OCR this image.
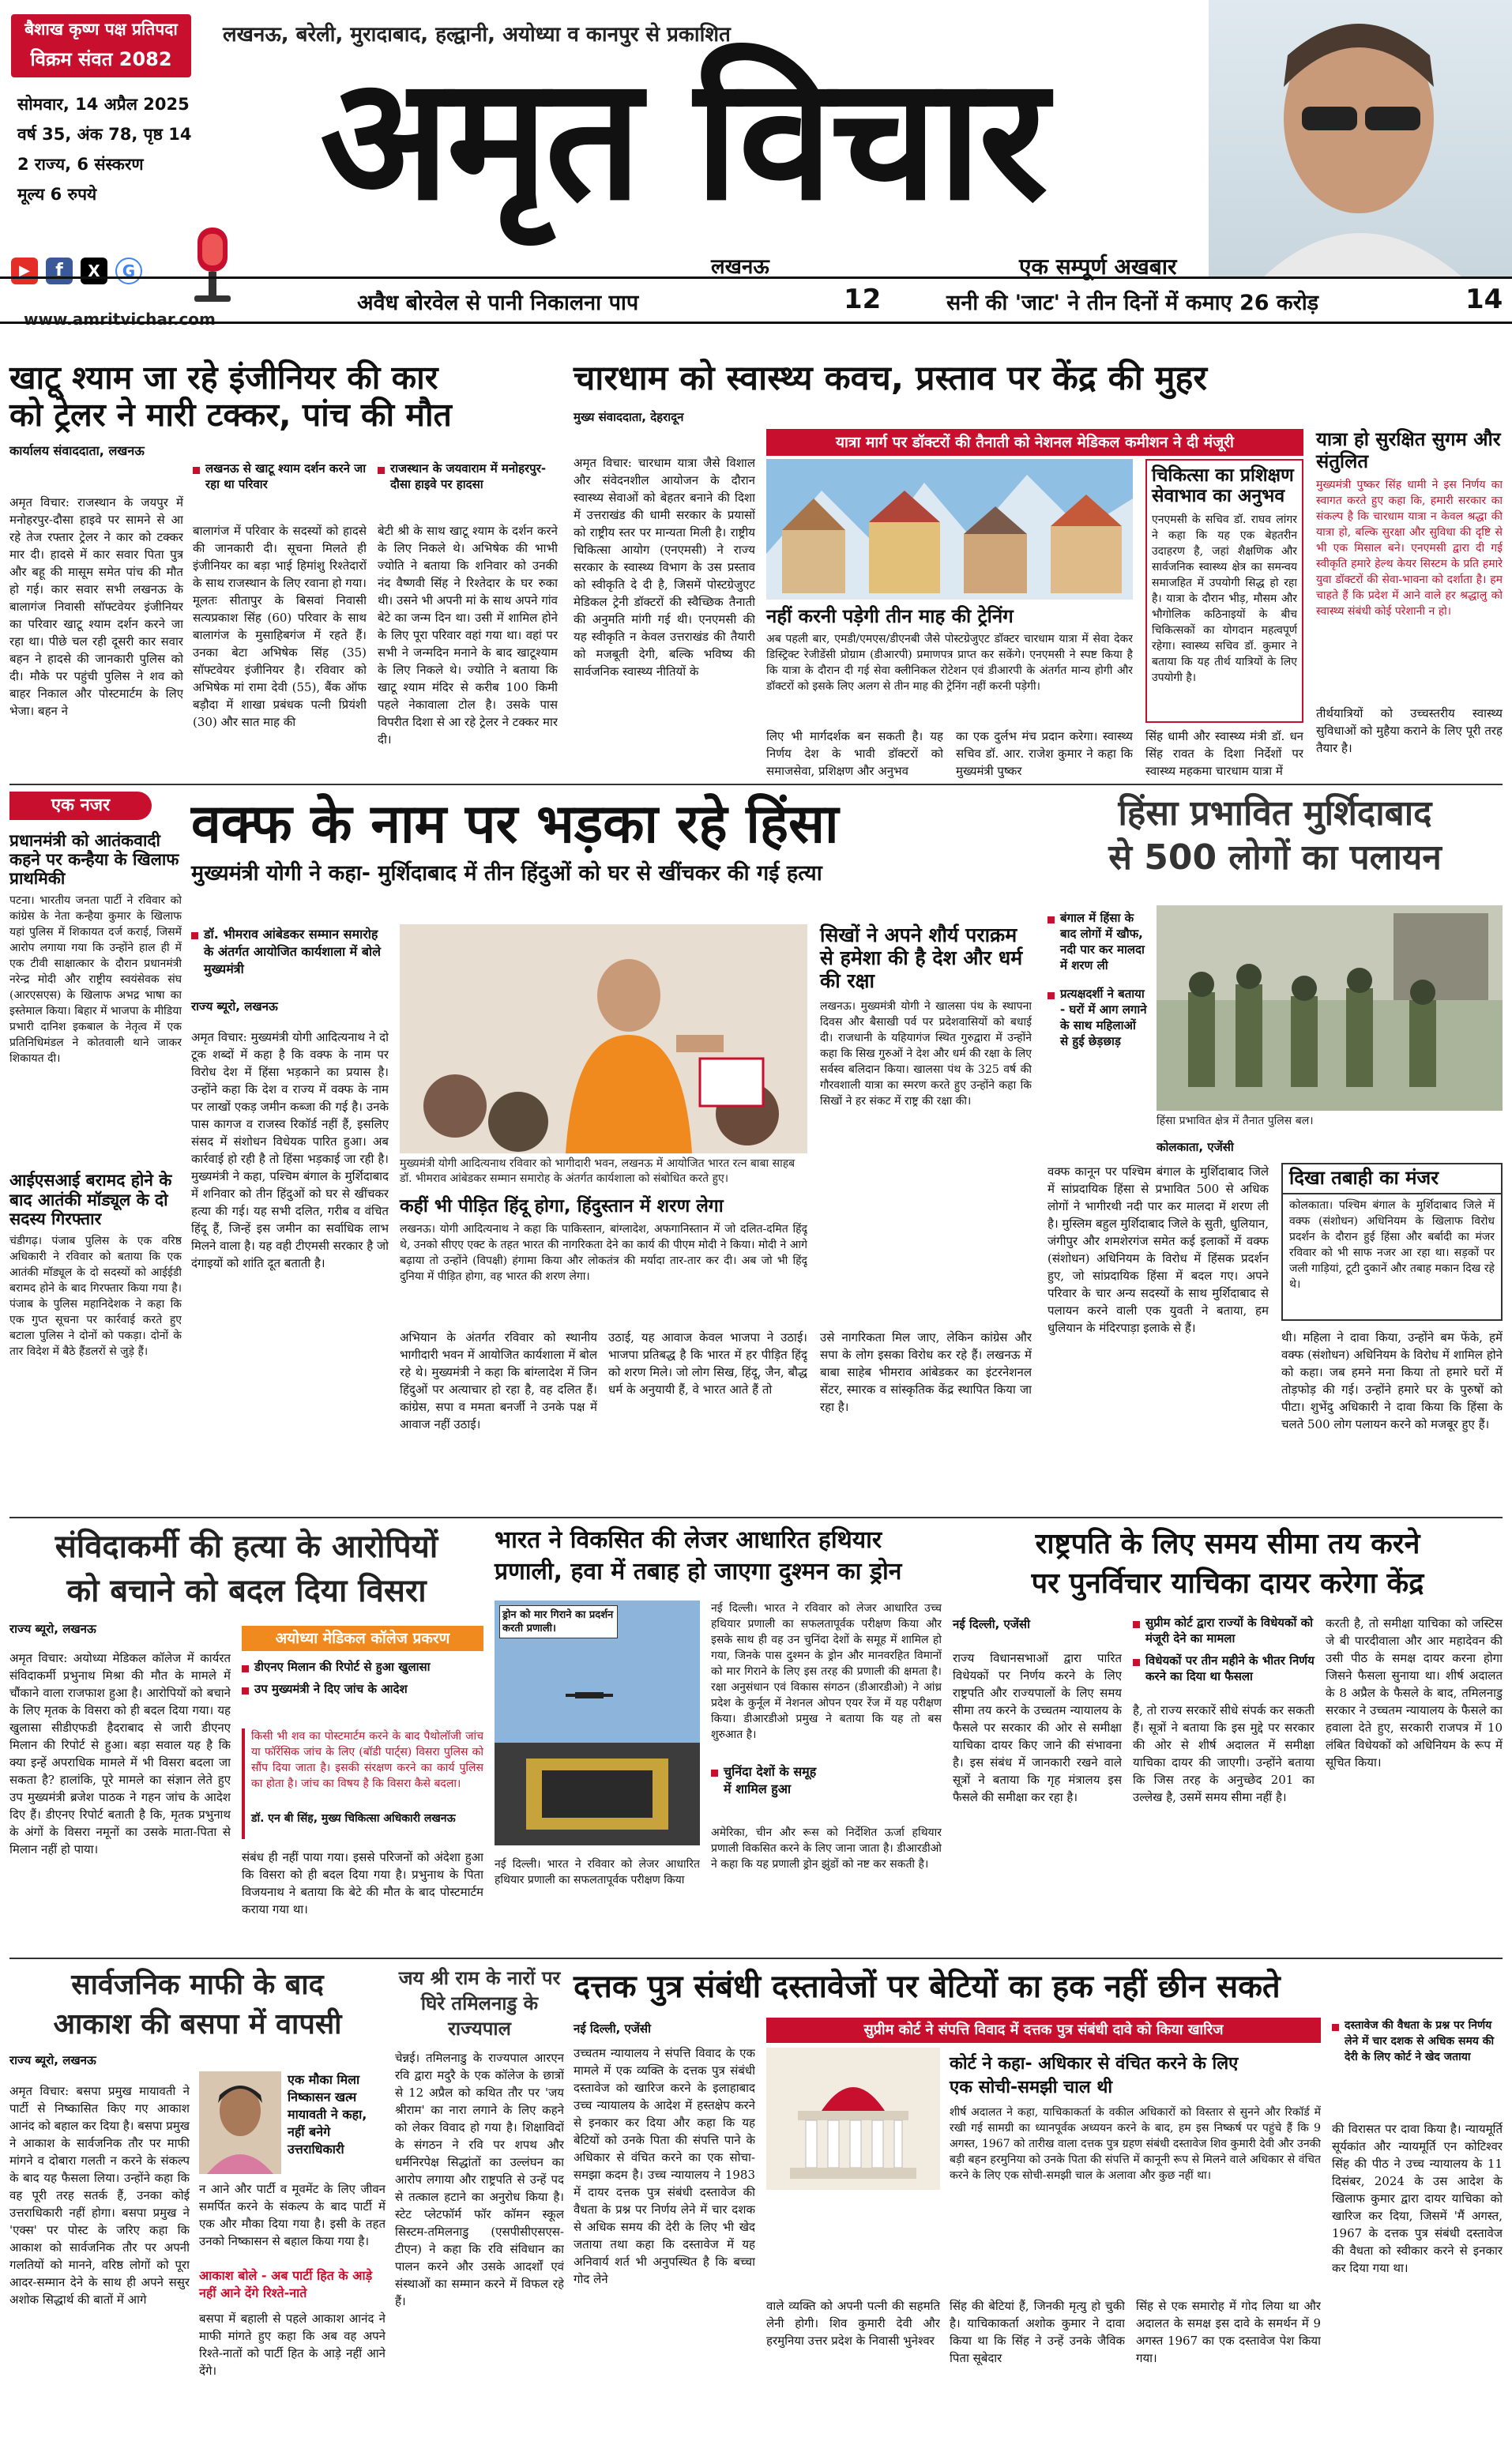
बैशाख कृष्ण पक्ष प्रतिपदा
विक्रम संवत 2082
लखनऊ, बरेली, मुरादाबाद, हल्द्वानी, अयोध्या व कानपुर से प्रकाशित
सोमवार, 14 अप्रैल 2025
वर्ष 35, अंक 78, पृष्ठ 14
2 राज्य, 6 संस्करण
मूल्य 6 रुपये
▶	f	X	G
www.amritvichar.com
अमृत विचार
लखनऊ	एक सम्पूर्ण अखबार
अवैध बोरवेल से पानी निकालना पाप	12	सनी की 'जाट' ने तीन दिनों में कमाए 26 करोड़	14
खाटू श्याम जा रहे इंजीनियर की कार
को ट्रेलर ने मारी टक्कर, पांच की मौत
कार्यालय संवाददाता, लखनऊ
अमृत विचार: राजस्थान के जयपुर में मनोहरपुर-दौसा हाइवे पर सामने से आ रहे तेज रफ्तार ट्रेलर ने कार को टक्कर मार दी। हादसे में कार सवार पिता पुत्र और बहू की मासूम समेत पांच की मौत हो गई। कार सवार सभी लखनऊ के बालागंज निवासी सॉफ्टवेयर इंजीनियर का परिवार खाटू श्याम दर्शन करने जा रहा था। पीछे चल रही दूसरी कार सवार बहन ने हादसे की जानकारी पुलिस को दी। मौके पर पहुंची पुलिस ने शव को बाहर निकाल और पोस्टमार्टम के लिए भेजा। बहन ने
लखनऊ से खाटू श्याम दर्शन करने जा रहा था परिवार
राजस्थान के जयवाराम में मनोहरपुर-दौसा हाइवे पर हादसा
बालागंज में परिवार के सदस्यों को हादसे की जानकारी दी। सूचना मिलते ही इंजीनियर का बड़ा भाई हिमांशु रिश्तेदारों के साथ राजस्थान के लिए रवाना हो गया। मूलतः सीतापुर के बिसवां निवासी सत्यप्रकाश सिंह (60) परिवार के साथ बालागंज के मुसाहिबगंज में रहते हैं। उनका बेटा अभिषेक सिंह (35) सॉफ्टवेयर इंजीनियर है। रविवार को अभिषेक मां रामा देवी (55), बैंक ऑफ बड़ौदा में शाखा प्रबंधक पत्नी प्रियंशी (30) और सात माह की
बेटी श्री के साथ खाटू श्याम के दर्शन करने के लिए निकले थे। अभिषेक की भाभी ज्योति ने बताया कि शनिवार को उनकी नंद वैष्णवी सिंह ने रिश्तेदार के घर रुका थी। उसने भी अपनी मां के साथ अपने गांव बेटे का जन्म दिन था। उसी में शामिल होने के लिए पूरा परिवार वहां गया था। वहां पर सभी ने जन्मदिन मनाने के बाद खाटूश्याम के लिए निकले थे। ज्योति ने बताया कि खाटू श्याम मंदिर से करीब 100 किमी पहले नेकावाला टोल है। उसके पास विपरीत दिशा से आ रहे ट्रेलर ने टक्कर मार दी।
चारधाम को स्वास्थ्य कवच, प्रस्ताव पर केंद्र की मुहर
मुख्य संवाददाता, देहरादून
अमृत विचार: चारधाम यात्रा जैसे विशाल और संवेदनशील आयोजन के दौरान स्वास्थ्य सेवाओं को बेहतर बनाने की दिशा में उत्तराखंड की धामी सरकार के प्रयासों को राष्ट्रीय स्तर पर मान्यता मिली है। राष्ट्रीय चिकित्सा आयोग (एनएमसी) ने राज्य सरकार के स्वास्थ्य विभाग के उस प्रस्ताव को स्वीकृति दे दी है, जिसमें पोस्टग्रेजुएट मेडिकल ट्रेनी डॉक्टरों की स्वैच्छिक तैनाती की अनुमति मांगी गई थी। एनएमसी की यह स्वीकृति न केवल उत्तराखंड की तैयारी को मजबूती देगी, बल्कि भविष्य की सार्वजनिक स्वास्थ्य नीतियों के
यात्रा मार्ग पर डॉक्टरों की तैनाती को नेशनल मेडिकल कमीशन ने दी मंजूरी
नहीं करनी पड़ेगी तीन माह की ट्रेनिंग
अब पहली बार, एमडी/एमएस/डीएनबी जैसे पोस्टग्रेजुएट डॉक्टर चारधाम यात्रा में सेवा देकर डिस्ट्रिक्ट रेजीडेंसी प्रोग्राम (डीआरपी) प्रमाणपत्र प्राप्त कर सकेंगे। एनएमसी ने स्पष्ट किया है कि यात्रा के दौरान दी गई सेवा क्लीनिकल रोटेशन एवं डीआरपी के अंतर्गत मान्य होगी और डॉक्टरों को इसके लिए अलग से तीन माह की ट्रेनिंग नहीं करनी पड़ेगी।
लिए भी मार्गदर्शक बन सकती है। यह निर्णय देश के भावी डॉक्टरों को समाजसेवा, प्रशिक्षण और अनुभव
का एक दुर्लभ मंच प्रदान करेगा। स्वास्थ्य सचिव डॉ. आर. राजेश कुमार ने कहा कि मुख्यमंत्री पुष्कर
चिकित्सा का प्रशिक्षण सेवाभाव का अनुभव
एनएमसी के सचिव डॉ. राघव लांगर ने कहा कि यह एक बेहतरीन उदाहरण है, जहां शैक्षणिक और सार्वजनिक स्वास्थ्य क्षेत्र का समन्वय समाजहित में उपयोगी सिद्ध हो रहा है। यात्रा के दौरान भीड़, मौसम और भौगोलिक कठिनाइयों के बीच चिकित्सकों का योगदान महत्वपूर्ण रहेगा। स्वास्थ्य सचिव डॉ. कुमार ने बताया कि यह तीर्थ यात्रियों के लिए उपयोगी है।
सिंह धामी और स्वास्थ्य मंत्री डॉ. धन सिंह रावत के दिशा निर्देशों पर स्वास्थ्य महकमा चारधाम यात्रा में
यात्रा हो सुरक्षित सुगम और संतुलित
मुख्यमंत्री पुष्कर सिंह धामी ने इस निर्णय का स्वागत करते हुए कहा कि, हमारी सरकार का संकल्प है कि चारधाम यात्रा न केवल श्रद्धा की यात्रा हो, बल्कि सुरक्षा और सुविधा की दृष्टि से भी एक मिसाल बने। एनएमसी द्वारा दी गई स्वीकृति हमारे हेल्थ केयर सिस्टम के प्रति हमारे युवा डॉक्टरों की सेवा-भावना को दर्शाता है। हम चाहते हैं कि प्रदेश में आने वाले हर श्रद्धालु को स्वास्थ्य संबंधी कोई परेशानी न हो।
तीर्थयात्रियों को उच्चस्तरीय स्वास्थ्य सुविधाओं को मुहैया कराने के लिए पूरी तरह तैयार है।
एक नजर
प्रधानमंत्री को आतंकवादी कहने पर कन्हैया के खिलाफ प्राथमिकी
पटना। भारतीय जनता पार्टी ने रविवार को कांग्रेस के नेता कन्हैया कुमार के खिलाफ यहां पुलिस में शिकायत दर्ज कराई, जिसमें आरोप लगाया गया कि उन्होंने हाल ही में एक टीवी साक्षात्कार के दौरान प्रधानमंत्री नरेन्द्र मोदी और राष्ट्रीय स्वयंसेवक संघ (आरएसएस) के खिलाफ अभद्र भाषा का इस्तेमाल किया। बिहार में भाजपा के मीडिया प्रभारी दानिश इकबाल के नेतृत्व में एक प्रतिनिधिमंडल ने कोतवाली थाने जाकर शिकायत दी।
आईएसआई बरामद होने के बाद आतंकी मॉड्यूल के दो सदस्य गिरफ्तार
चंडीगढ़। पंजाब पुलिस के एक वरिष्ठ अधिकारी ने रविवार को बताया कि एक आतंकी मॉड्यूल के दो सदस्यों को आईईडी बरामद होने के बाद गिरफ्तार किया गया है। पंजाब के पुलिस महानिदेशक ने कहा कि एक गुप्त सूचना पर कार्रवाई करते हुए बटाला पुलिस ने दोनों को पकड़ा। दोनों के तार विदेश में बैठे हैंडलरों से जुड़े हैं।
वक्फ के नाम पर भड़का रहे हिंसा
मुख्यमंत्री योगी ने कहा- मुर्शिदाबाद में तीन हिंदुओं को घर से खींचकर की गई हत्या
डॉ. भीमराव आंबेडकर सम्मान समारोह के अंतर्गत आयोजित कार्यशाला में बोले मुख्यमंत्री
राज्य ब्यूरो, लखनऊ
अमृत विचार: मुख्यमंत्री योगी आदित्यनाथ ने दो टूक शब्दों में कहा है कि वक्फ के नाम पर विरोध देश में हिंसा भड़काने का प्रयास है। उन्होंने कहा कि देश व राज्य में वक्फ के नाम पर लाखों एकड़ जमीन कब्जा की गई है। उनके पास कागज व राजस्व रिकॉर्ड नहीं हैं, इसलिए संसद में संशोधन विधेयक पारित हुआ। अब कार्रवाई हो रही है तो हिंसा भड़काई जा रही है। मुख्यमंत्री ने कहा, पश्चिम बंगाल के मुर्शिदाबाद में शनिवार को तीन हिंदुओं को घर से खींचकर हत्या की गई। यह सभी दलित, गरीब व वंचित हिंदू हैं, जिन्हें इस जमीन का सर्वाधिक लाभ मिलने वाला है। यह वही टीएमसी सरकार है जो दंगाइयों को शांति दूत बताती है।
मुख्यमंत्री योगी आदित्यनाथ रविवार को भागीदारी भवन, लखनऊ में आयोजित भारत रत्न बाबा साहब डॉ. भीमराव आंबेडकर सम्मान समारोह के अंतर्गत कार्यशाला को संबोधित करते हुए।
कहीं भी पीड़ित हिंदू होगा, हिंदुस्तान में शरण लेगा
लखनऊ। योगी आदित्यनाथ ने कहा कि पाकिस्तान, बांग्लादेश, अफगानिस्तान में जो दलित-दमित हिंदू थे, उनको सीएए एक्ट के तहत भारत की नागरिकता देने का कार्य की पीएम मोदी ने किया। मोदी ने आगे बढ़ाया तो उन्होंने (विपक्षी) हंगामा किया और लोकतंत्र की मर्यादा तार-तार कर दी। अब जो भी हिंदू दुनिया में पीड़ित होगा, वह भारत की शरण लेगा।
अभियान के अंतर्गत रविवार को स्थानीय भागीदारी भवन में आयोजित कार्यशाला में बोल रहे थे। मुख्यमंत्री ने कहा कि बांग्लादेश में जिन हिंदुओं पर अत्याचार हो रहा है, वह दलित हैं। कांग्रेस, सपा व ममता बनर्जी ने उनके पक्ष में आवाज नहीं उठाई।
उठाई, यह आवाज केवल भाजपा ने उठाई। भाजपा प्रतिबद्ध है कि भारत में हर पीड़ित हिंदू को शरण मिले। जो लोग सिख, हिंदू, जैन, बौद्ध धर्म के अनुयायी हैं, वे भारत आते हैं तो
सिखों ने अपने शौर्य पराक्रम से हमेशा की है देश और धर्म की रक्षा
लखनऊ। मुख्यमंत्री योगी ने खालसा पंथ के स्थापना दिवस और बैसाखी पर्व पर प्रदेशवासियों को बधाई दी। राजधानी के यहियागंज स्थित गुरुद्वारा में उन्होंने कहा कि सिख गुरुओं ने देश और धर्म की रक्षा के लिए सर्वस्व बलिदान किया। खालसा पंथ के 325 वर्ष की गौरवशाली यात्रा का स्मरण करते हुए उन्होंने कहा कि सिखों ने हर संकट में राष्ट्र की रक्षा की।
उसे नागरिकता मिल जाए, लेकिन कांग्रेस और सपा के लोग इसका विरोध कर रहे हैं। लखनऊ में बाबा साहेब भीमराव आंबेडकर का इंटरनेशनल सेंटर, स्मारक व सांस्कृतिक केंद्र स्थापित किया जा रहा है।
हिंसा प्रभावित मुर्शिदाबाद
से 500 लोगों का पलायन
बंगाल में हिंसा के बाद लोगों में खौफ, नदी पार कर मालदा में शरण ली
प्रत्यक्षदर्शी ने बताया - घरों में आग लगाने के साथ महिलाओं से हुई छेड़छाड़
हिंसा प्रभावित क्षेत्र में तैनात पुलिस बल।
कोलकाता, एजेंसी
वक्फ कानून पर पश्चिम बंगाल के मुर्शिदाबाद जिले में सांप्रदायिक हिंसा से प्रभावित 500 से अधिक लोगों ने भागीरथी नदी पार कर मालदा में शरण ली है। मुस्लिम बहुल मुर्शिदाबाद जिले के सुती, धुलियान, जंगीपुर और शमशेरगंज समेत कई इलाकों में वक्फ (संशोधन) अधिनियम के विरोध में हिंसक प्रदर्शन हुए, जो सांप्रदायिक हिंसा में बदल गए। अपने परिवार के चार अन्य सदस्यों के साथ मुर्शिदाबाद से पलायन करने वाली एक युवती ने बताया, हम धुलियान के मंदिरपाड़ा इलाके से हैं।
दिखा तबाही का मंजर
कोलकाता। पश्चिम बंगाल के मुर्शिदाबाद जिले में वक्फ (संशोधन) अधिनियम के खिलाफ विरोध प्रदर्शन के दौरान हुई हिंसा और बर्बादी का मंजर रविवार को भी साफ नजर आ रहा था। सड़कों पर जली गाड़ियां, टूटी दुकानें और तबाह मकान दिख रहे थे।
थी। महिला ने दावा किया, उन्होंने बम फेंके, हमें वक्फ (संशोधन) अधिनियम के विरोध में शामिल होने को कहा। जब हमने मना किया तो हमारे घरों में तोड़फोड़ की गई। उन्होंने हमारे घर के पुरुषों को पीटा। शुभेंदु अधिकारी ने दावा किया कि हिंसा के चलते 500 लोग पलायन करने को मजबूर हुए हैं।
संविदाकर्मी की हत्या के आरोपियों
को बचाने को बदल दिया विसरा
राज्य ब्यूरो, लखनऊ
अमृत विचार: अयोध्या मेडिकल कॉलेज में कार्यरत संविदाकर्मी प्रभुनाथ मिश्रा की मौत के मामले में चौंकाने वाला राजफाश हुआ है। आरोपियों को बचाने के लिए मृतक के विसरा को ही बदल दिया गया। यह खुलासा सीडीएफडी हैदराबाद से जारी डीएनए मिलान की रिपोर्ट से हुआ। बड़ा सवाल यह है कि क्या इन्हें अपराधिक मामले में भी विसरा बदला जा सकता है? हालांकि, पूरे मामले का संज्ञान लेते हुए उप मुख्यमंत्री ब्रजेश पाठक ने गहन जांच के आदेश दिए हैं। डीएनए रिपोर्ट बताती है कि, मृतक प्रभुनाथ के अंगों के विसरा नमूनों का उसके माता-पिता से मिलान नहीं हो पाया।
अयोध्या मेडिकल कॉलेज प्रकरण
डीएनए मिलान की रिपोर्ट से हुआ खुलासा
उप मुख्यमंत्री ने दिए जांच के आदेश
किसी भी शव का पोस्टमार्टम करने के बाद पैथोलॉजी जांच या फॉरेंसिक जांच के लिए (बॉडी पार्ट्स) विसरा पुलिस को सौंप दिया जाता है। इसकी संरक्षण करने का कार्य पुलिस का होता है। जांच का विषय है कि विसरा कैसे बदला।
डॉ. एन बी सिंह, मुख्य चिकित्सा अधिकारी लखनऊ
संबंध ही नहीं पाया गया। इससे परिजनों को अंदेशा हुआ कि विसरा को ही बदल दिया गया है। प्रभुनाथ के पिता विजयनाथ ने बताया कि बेटे की मौत के बाद पोस्टमार्टम कराया गया था।
भारत ने विकसित की लेजर आधारित हथियार
प्रणाली, हवा में तबाह हो जाएगा दुश्मन का ड्रोन
ड्रोन को मार गिराने का प्रदर्शन करती प्रणाली।
नई दिल्ली। भारत ने रविवार को लेजर आधारित उच्च हथियार प्रणाली का सफलतापूर्वक परीक्षण किया और इसके साथ ही वह उन चुनिंदा देशों के समूह में शामिल हो गया, जिनके पास दुश्मन के ड्रोन और मानवरहित विमानों को मार गिराने के लिए इस तरह की प्रणाली की क्षमता है। रक्षा अनुसंधान एवं विकास संगठन (डीआरडीओ) ने आंध्र प्रदेश के कुर्नूल में नेशनल ओपन एयर रेंज में यह परीक्षण किया। डीआरडीओ प्रमुख ने बताया कि यह तो बस शुरुआत है।
चुनिंदा देशों के समूह में शामिल हुआ
अमेरिका, चीन और रूस को निर्देशित ऊर्जा हथियार प्रणाली विकसित करने के लिए जाना जाता है। डीआरडीओ ने कहा कि यह प्रणाली ड्रोन झुंडों को नष्ट कर सकती है।
नई दिल्ली। भारत ने रविवार को लेजर आधारित हथियार प्रणाली का सफलतापूर्वक परीक्षण किया
राष्ट्रपति के लिए समय सीमा तय करने
पर पुनर्विचार याचिका दायर करेगा केंद्र
नई दिल्ली, एजेंसी	सुप्रीम कोर्ट द्वारा राज्यों के विधेयकों को मंजूरी देने का मामला
विधेयकों पर तीन महीने के भीतर निर्णय करने का दिया था फैसला
राज्य विधानसभाओं द्वारा पारित विधेयकों पर निर्णय करने के लिए राष्ट्रपति और राज्यपालों के लिए समय सीमा तय करने के उच्चतम न्यायालय के फैसले पर सरकार की ओर से समीक्षा याचिका दायर किए जाने की संभावना है। इस संबंध में जानकारी रखने वाले सूत्रों ने बताया कि गृह मंत्रालय इस फैसले की समीक्षा कर रहा है।
है, तो राज्य सरकारें सीधे संपर्क कर सकती हैं। सूत्रों ने बताया कि इस मुद्दे पर सरकार की ओर से शीर्ष अदालत में समीक्षा याचिका दायर की जाएगी। उन्होंने बताया कि जिस तरह के अनुच्छेद 201 का उल्लेख है, उसमें समय सीमा नहीं है।
करती है, तो समीक्षा याचिका को जस्टिस जे बी पारदीवाला और आर महादेवन की उसी पीठ के समक्ष दायर करना होगा जिसने फैसला सुनाया था। शीर्ष अदालत के 8 अप्रैल के फैसले के बाद, तमिलनाडु सरकार ने उच्चतम न्यायालय के फैसले का हवाला देते हुए, सरकारी राजपत्र में 10 लंबित विधेयकों को अधिनियम के रूप में सूचित किया।
सार्वजनिक माफी के बाद
आकाश की बसपा में वापसी
राज्य ब्यूरो, लखनऊ
अमृत विचार: बसपा प्रमुख मायावती ने पार्टी से निष्कासित किए गए आकाश आनंद को बहाल कर दिया है। बसपा प्रमुख ने आकाश के सार्वजनिक तौर पर माफी मांगने व दोबारा गलती न करने के संकल्प के बाद यह फैसला लिया। उन्होंने कहा कि वह पूरी तरह सतर्क हैं, उनका कोई उत्तराधिकारी नहीं होगा। बसपा प्रमुख ने 'एक्स' पर पोस्ट के जरिए कहा कि आकाश को सार्वजनिक तौर पर अपनी गलतियों को मानने, वरिष्ठ लोगों को पूरा आदर-सम्मान देने के साथ ही अपने ससुर अशोक सिद्धार्थ की बातों में आगे
एक मौका मिला निष्कासन खत्म मायावती ने कहा, नहीं बनेगे उत्तराधिकारी
न आने और पार्टी व मूवमेंट के लिए जीवन समर्पित करने के संकल्प के बाद पार्टी में एक और मौका दिया गया है। इसी के तहत उनको निष्कासन से बहाल किया गया है।
आकाश बोले - अब पार्टी हित के आड़े नहीं आने देंगे रिश्ते-नाते
बसपा में बहाली से पहले आकाश आनंद ने माफी मांगते हुए कहा कि अब वह अपने रिश्ते-नातों को पार्टी हित के आड़े नहीं आने देंगे।
जय श्री राम के नारों पर घिरे तमिलनाडु के राज्यपाल
चेन्नई। तमिलनाडु के राज्यपाल आरएन रवि द्वारा मदुरै के एक कॉलेज के छात्रों से 12 अप्रैल को कथित तौर पर 'जय श्रीराम' का नारा लगाने के लिए कहने को लेकर विवाद हो गया है। शिक्षाविदों के संगठन ने रवि पर शपथ और धर्मनिरपेक्ष सिद्धांतों का उल्लंघन का आरोप लगाया और राष्ट्रपति से उन्हें पद से तत्काल हटाने का अनुरोध किया है। स्टेट प्लेटफॉर्म फॉर कॉमन स्कूल सिस्टम-तमिलनाडु (एसपीसीएसएस-टीएन) ने कहा कि रवि संविधान का पालन करने और उसके आदर्शों एवं संस्थाओं का सम्मान करने में विफल रहे हैं।
दत्तक पुत्र संबंधी दस्तावेजों पर बेटियों का हक नहीं छीन सकते
नई दिल्ली, एजेंसी
उच्चतम न्यायालय ने संपत्ति विवाद के एक मामले में एक व्यक्ति के दत्तक पुत्र संबंधी दस्तावेज को खारिज करने के इलाहाबाद उच्च न्यायालय के आदेश में हस्तक्षेप करने से इनकार कर दिया और कहा कि यह बेटियों को उनके पिता की संपत्ति पाने के अधिकार से वंचित करने का एक सोचा-समझा कदम है। उच्च न्यायालय ने 1983 में दायर दत्तक पुत्र संबंधी दस्तावेज की वैधता के प्रश्न पर निर्णय लेने में चार दशक से अधिक समय की देरी के लिए भी खेद जताया तथा कहा कि दस्तावेज में यह अनिवार्य शर्त भी अनुपस्थित है कि बच्चा गोद लेने
सुप्रीम कोर्ट ने संपत्ति विवाद में दत्तक पुत्र संबंधी दावे को किया खारिज
कोर्ट ने कहा- अधिकार से वंचित करने के लिए
एक सोची-समझी चाल थी
शीर्ष अदालत ने कहा, याचिकाकर्ता के वकील अधिकारों को विस्तार से सुनने और रिकॉर्ड में रखी गई सामग्री का ध्यानपूर्वक अध्ययन करने के बाद, हम इस निष्कर्ष पर पहुंचे हैं कि 9 अगस्त, 1967 को तारीख वाला दत्तक पुत्र ग्रहण संबंधी दस्तावेज शिव कुमारी देवी और उनकी बड़ी बहन हरमुनिया को उनके पिता की संपत्ति में कानूनी रूप से मिलने वाले अधिकार से वंचित करने के लिए एक सोची-समझी चाल के अलावा और कुछ नहीं था।
वाले व्यक्ति को अपनी पत्नी की सहमति लेनी होगी। शिव कुमारी देवी और हरमुनिया उत्तर प्रदेश के निवासी भुनेश्वर
सिंह की बेटियां हैं, जिनकी मृत्यु हो चुकी है। याचिकाकर्ता अशोक कुमार ने दावा किया था कि सिंह ने उन्हें उनके जैविक पिता सूबेदार
सिंह से एक समारोह में गोद लिया था और अदालत के समक्ष इस दावे के समर्थन में 9 अगस्त 1967 का एक दस्तावेज पेश किया गया।
दस्तावेज की वैधता के प्रश्न पर निर्णय लेने में चार दशक से अधिक समय की देरी के लिए कोर्ट ने खेद जताया
की विरासत पर दावा किया है। न्यायमूर्ति सूर्यकांत और न्यायमूर्ति एन कोटिश्वर सिंह की पीठ ने उच्च न्यायालय के 11 दिसंबर, 2024 के उस आदेश के खिलाफ कुमार द्वारा दायर याचिका को खारिज कर दिया, जिसमें 'मैं अगस्त, 1967 के दत्तक पुत्र संबंधी दस्तावेज की वैधता को स्वीकार करने से इनकार कर दिया गया था।
